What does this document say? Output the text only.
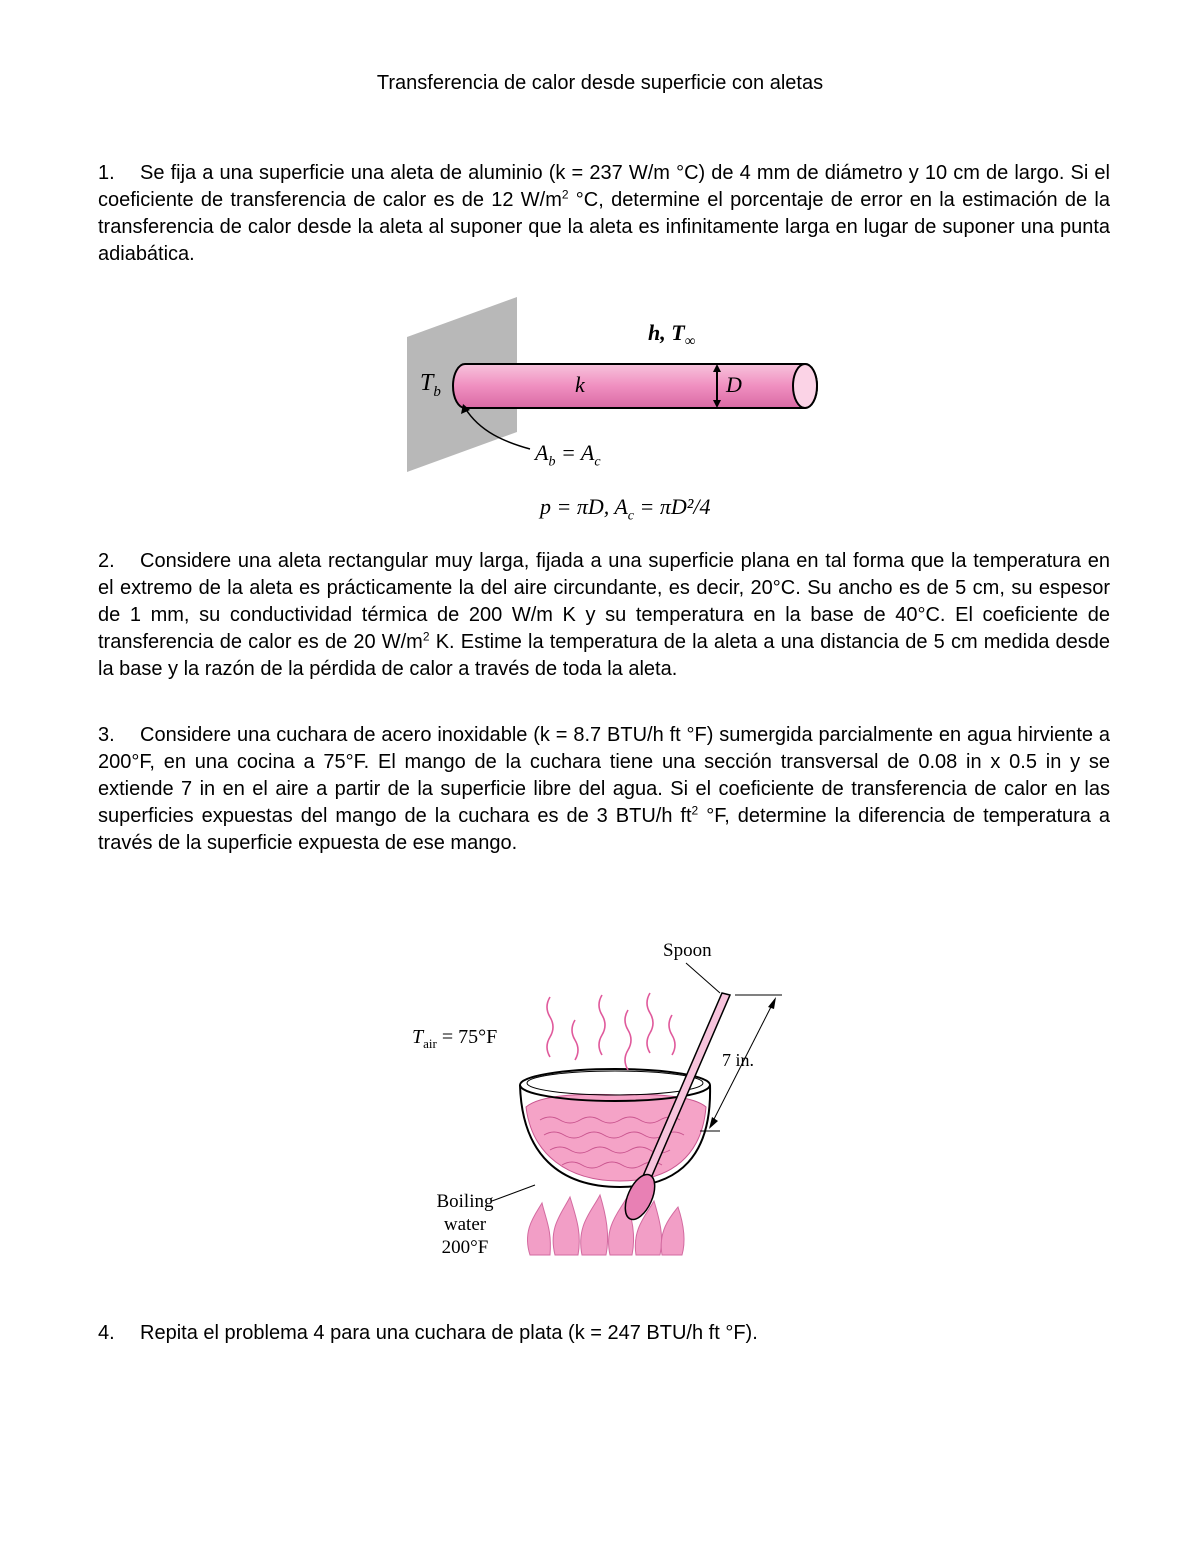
Transferencia de calor desde superficie con aletas
1. Se fija a una superficie una aleta de aluminio (k = 237 W/m °C) de 4 mm de diámetro y 10 cm de largo. Si el coeficiente de transferencia de calor es de 12 $W/m^2$ °C, determine el porcentaje de error en la estimación de la transferencia de calor desde la aleta al suponer que la aleta es infinitamente larga en lugar de suponer una punta adiabática.
h, $T_\infty$
$T_b$	k	D
$A_b = A_c$
p = πD, $A_c = \pi D^2/4$
2. Considere una aleta rectangular muy larga, fijada a una superficie plana en tal forma que la temperatura en el extremo de la aleta es prácticamente la del aire circundante, es decir, 20°C. Su ancho es de 5 cm, su espesor de 1 mm, su conductividad térmica de 200 W/m K y su temperatura en la base de 40°C. El coeficiente de transferencia de calor es de 20 $W/m^2$ K. Estime la temperatura de la aleta a una distancia de 5 cm medida desde la base y la razón de la pérdida de calor a través de toda la aleta.
3. Considere una cuchara de acero inoxidable (k = 8.7 BTU/h ft °F) sumergida parcialmente en agua hirviente a 200°F, en una cocina a 75°F. El mango de la cuchara tiene una sección transversal de 0.08 in x 0.5 in y se extiende 7 in en el aire a partir de la superficie libre del agua. Si el coeficiente de transferencia de calor en las superficies expuestas del mango de la cuchara es de 3 BTU/h $ft^2$ °F, determine la diferencia de temperatura a través de la superficie expuesta de ese mango.
Spoon
$T_{air} = 75^\circ F$
7 in.
Boiling
water
200°F
4. Repita el problema 4 para una cuchara de plata (k = 247 BTU/h ft °F).
